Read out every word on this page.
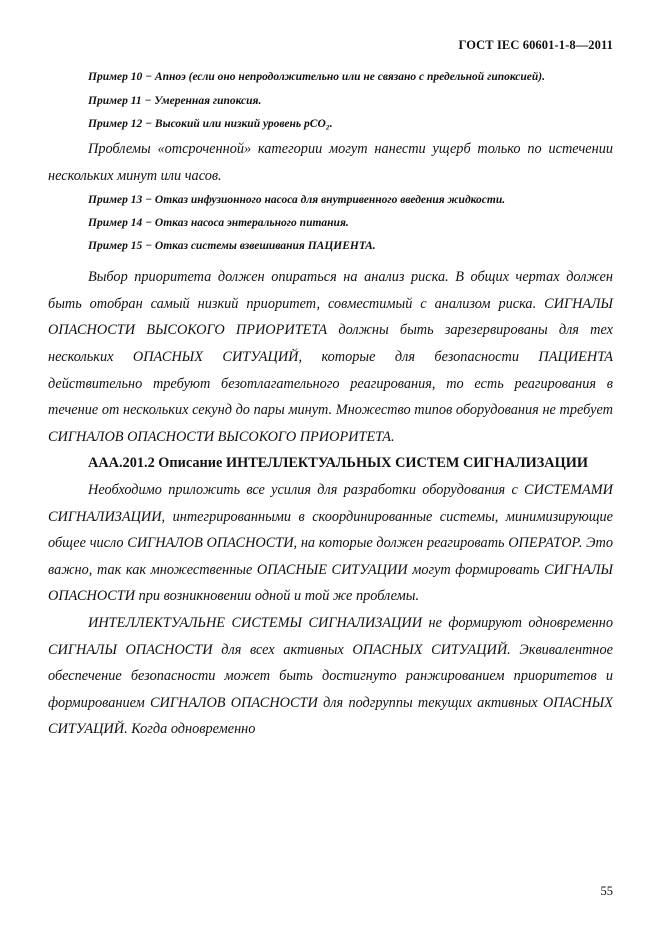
ГОСТ IEC 60601-1-8—2011

Пример 10 − Апноэ (если оно непродолжительно или не связано с предельной гипоксией).

Пример 11 − Умеренная гипоксия.

Пример 12 − Высокий или низкий уровень pCO₂.

Проблемы «отсроченной» категории могут нанести ущерб только по истечении нескольких минут или часов.

Пример 13 − Отказ инфузионного насоса для внутривенного введения жидкости.

Пример 14 − Отказ насоса энтерального питания.

Пример 15 − Отказ системы взвешивания ПАЦИЕНТА.

Выбор приоритета должен опираться на анализ риска. В общих чертах должен быть отобран самый низкий приоритет, совместимый с анализом риска. СИГНАЛЫ ОПАСНОСТИ ВЫСОКОГО ПРИОРИТЕТА должны быть зарезервированы для тех нескольких ОПАСНЫХ СИТУАЦИЙ, которые для безопасности ПАЦИЕНТА действительно требуют безотлагательного реагирования, то есть реагирования в течение от нескольких секунд до пары минут. Множество типов оборудования не требует СИГНАЛОВ ОПАСНОСТИ ВЫСОКОГО ПРИОРИТЕТА.

ААА.201.2 Описание ИНТЕЛЛЕКТУАЛЬНЫХ СИСТЕМ СИГНАЛИЗАЦИИ

Необходимо приложить все усилия для разработки оборудования с СИСТЕМАМИ СИГНАЛИЗАЦИИ, интегрированными в скоординированные системы, минимизирующие общее число СИГНАЛОВ ОПАСНОСТИ, на которые должен реагировать ОПЕРАТОР. Это важно, так как множественные ОПАСНЫЕ СИТУАЦИИ могут формировать СИГНАЛЫ ОПАСНОСТИ при возникновении одной и той же проблемы.

ИНТЕЛЛЕКТУАЛЬНЕ СИСТЕМЫ СИГНАЛИЗАЦИИ не формируют одновременно СИГНАЛЫ ОПАСНОСТИ для всех активных ОПАСНЫХ СИТУАЦИЙ. Эквивалентное обеспечение безопасности может быть достигнуто ранжированием приоритетов и формированием СИГНАЛОВ ОПАСНОСТИ для подгруппы текущих активных ОПАСНЫХ СИТУАЦИЙ. Когда одновременно

55
